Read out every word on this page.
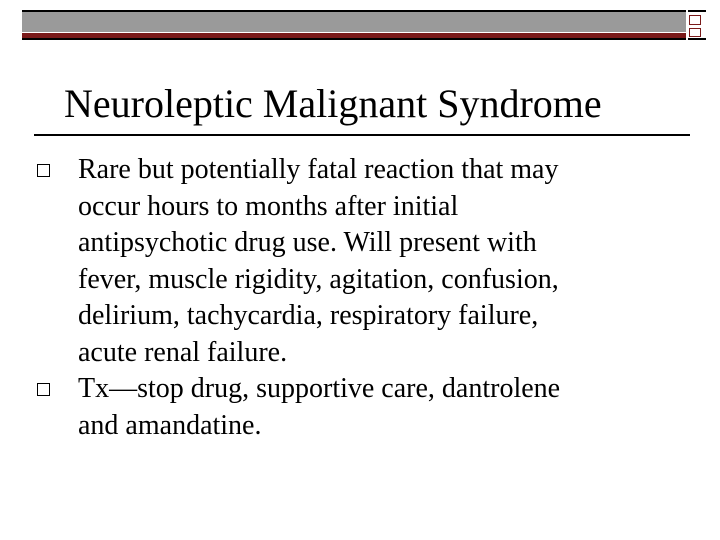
Neuroleptic Malignant Syndrome
Rare but potentially fatal reaction that may
occur hours to months after initial
antipsychotic drug use. Will present with
fever, muscle rigidity, agitation, confusion,
delirium, tachycardia, respiratory failure,
acute renal failure.
Tx—stop drug, supportive care, dantrolene
and amandatine.
